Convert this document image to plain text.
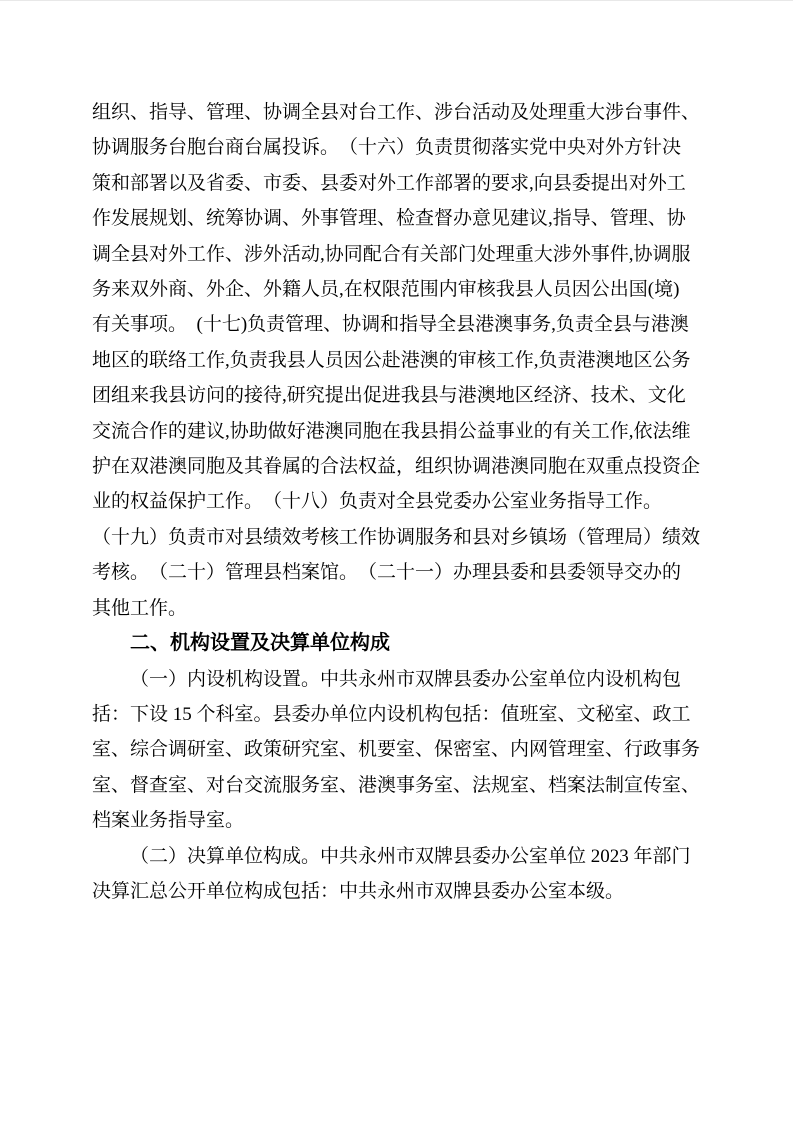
组织、指导、管理、协调全县对台工作、涉台活动及处理重大涉台事件、
协调服务台胞台商台属投诉。　（十六）负责贯彻落实党中央对外方针决
策和部署以及省委、市委、县委对外工作部署的要求,向县委提出对外工
作发展规划、统筹协调、外事管理、检查督办意见建议,指导、管理、协
调全县对外工作、涉外活动,协同配合有关部门处理重大涉外事件,协调服
务来双外商、外企、外籍人员,在权限范围内审核我县人员因公出国(境)
有关事项。　(十七)负责管理、协调和指导全县港澳事务,负责全县与港澳
地区的联络工作,负责我县人员因公赴港澳的审核工作,负责港澳地区公务
团组来我县访问的接待,研究提出促进我县与港澳地区经济、技术、文化
交流合作的建议,协助做好港澳同胞在我县捐公益事业的有关工作,依法维
护在双港澳同胞及其眷属的合法权益，组织协调港澳同胞在双重点投资企
业的权益保护工作。　（十八）负责对全县党委办公室业务指导工作。
（十九）负责市对县绩效考核工作协调服务和县对乡镇场（管理局）绩效
考核。　（二十）管理县档案馆。　（二十一）办理县委和县委领导交办的
其他工作。
二、机构设置及决算单位构成
（一）内设机构设置。中共永州市双牌县委办公室单位内设机构包
括：下设 15 个科室。县委办单位内设机构包括：值班室、文秘室、政工
室、综合调研室、政策研究室、机要室、保密室、内网管理室、行政事务
室、督查室、对台交流服务室、港澳事务室、法规室、档案法制宣传室、
档案业务指导室。
（二）决算单位构成。中共永州市双牌县委办公室单位 2023 年部门
决算汇总公开单位构成包括：中共永州市双牌县委办公室本级。
